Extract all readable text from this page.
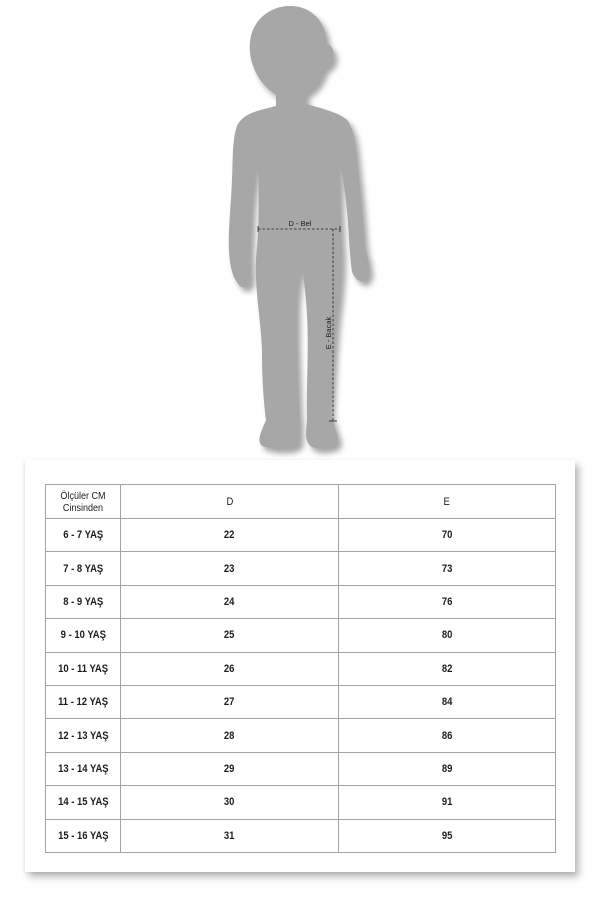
D - Bel
E - Bacak
Ölçüler CM
Cinsinden	D	E
6 - 7 YAŞ	22	70
7 - 8 YAŞ	23	73
8 - 9 YAŞ	24	76
9 - 10 YAŞ	25	80
10 - 11 YAŞ	26	82
11 - 12 YAŞ	27	84
12 - 13 YAŞ	28	86
13 - 14 YAŞ	29	89
14 - 15 YAŞ	30	91
15 - 16 YAŞ	31	95
